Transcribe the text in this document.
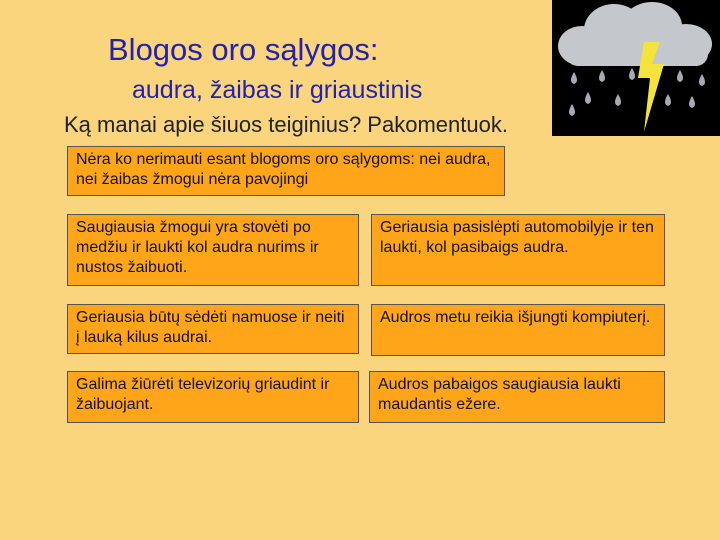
Blogos oro sąlygos:
audra, žaibas ir griaustinis
Ką manai apie šiuos teiginius? Pakomentuok.
Nėra ko nerimauti esant blogoms oro sąlygoms: nei audra, nei žaibas žmogui nėra pavojingi
Saugiausia žmogui yra stovėti po medžiu ir laukti kol audra nurims ir nustos žaibuoti.
Geriausia pasislėpti automobilyje ir ten laukti, kol pasibaigs audra.
Geriausia būtų sėdėti namuose ir neiti į lauką kilus audrai.
Audros metu reikia išjungti kompiuterį.
Galima žiūrėti televizorių griaudint ir žaibuojant.
Audros pabaigos saugiausia laukti maudantis ežere.
